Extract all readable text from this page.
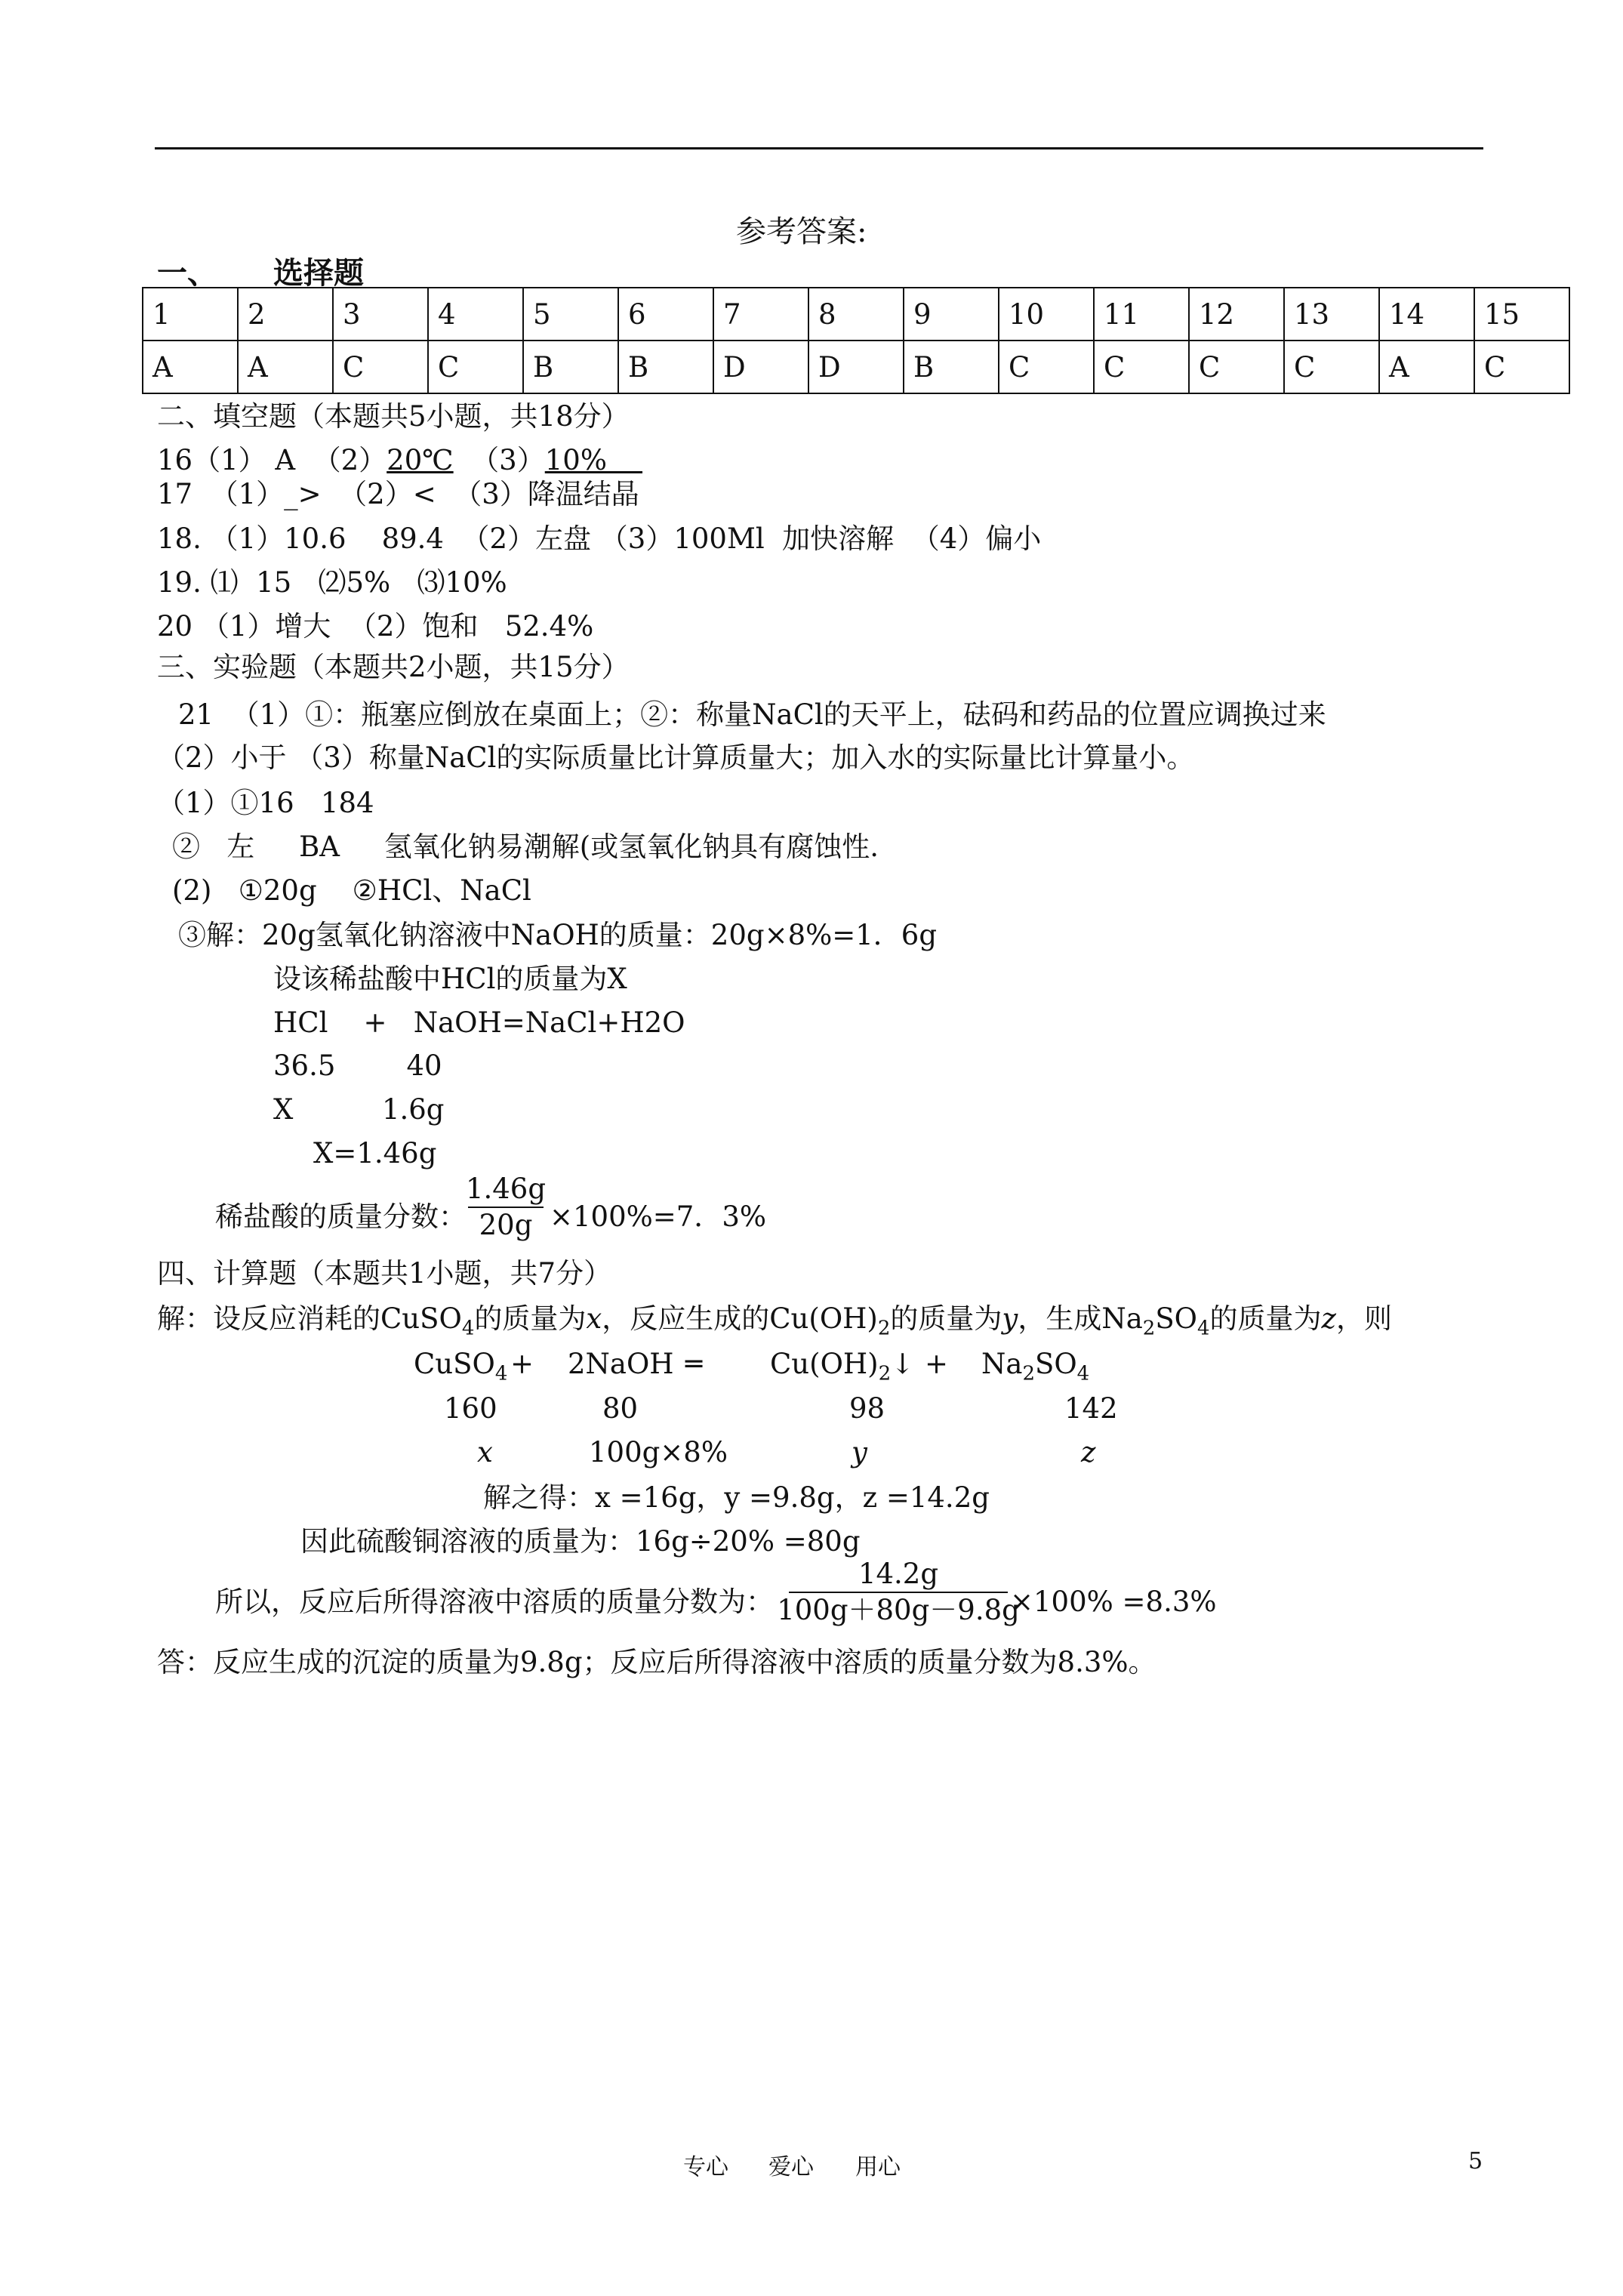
参考答案:
一、 选择题
1	2	3	4	5	6	7	8	9	10	11	12	13	14	15
A	A	C	C	B	B	D	D	B	C	C	C	C	A	C
二、填空题（本题共5小题，共18分）
16（1） A  （2）20℃  （3）10%
17  （1）_>  （2）<  （3）降温结晶
18. （1）10.6    89.4  （2）左盘 （3）100Ml  加快溶解  （4）偏小
19. ⑴  15   ⑵5%   ⑶10%
20 （1）增大  （2）饱和   52.4%
三、实验题（本题共2小题，共15分）
21  （1）①：瓶塞应倒放在桌面上；②：称量NaCl的天平上，砝码和药品的位置应调换过来
（2）小于 （3）称量NaCl的实际质量比计算质量大；加入水的实际量比计算量小。
（1）①16   184
②   左     BA     氢氧化钠易潮解(或氢氧化钠具有腐蚀性.
(2)   ①20g    ②HCl、NaCl
③解：20g氢氧化钠溶液中NaOH的质量：20g×8%=1．6g
设该稀盐酸中HCl的质量为X
HCl    +   NaOH=NaCl+H2O
36.5        40
X          1.6g
X=1.46g
稀盐酸的质量分数：
1.46g
20g ×100%=7．3%
四、计算题（本题共1小题，共7分）
解：设反应消耗的CuSO$_4$的质量为x，反应生成的$Cu(OH)_2$的质量为y，生成$Na_2SO_4$的质量为z，则
CuSO$_4$ + 2NaOH ═ $Cu(OH)_2↓ + Na_2SO_4$
160	80	98	142
x	100g×8%	y	z
解之得：x =16g，y =9.8g，z =14.2g
因此硫酸铜溶液的质量为：16g÷20% =80g
所以，反应后所得溶液中溶质的质量分数为：
14.2g
100g＋80g－9.8g
×100% =8.3%
答：反应生成的沉淀的质量为9.8g；反应后所得溶液中溶质的质量分数为8.3%。
专心 爱心 用心	5
